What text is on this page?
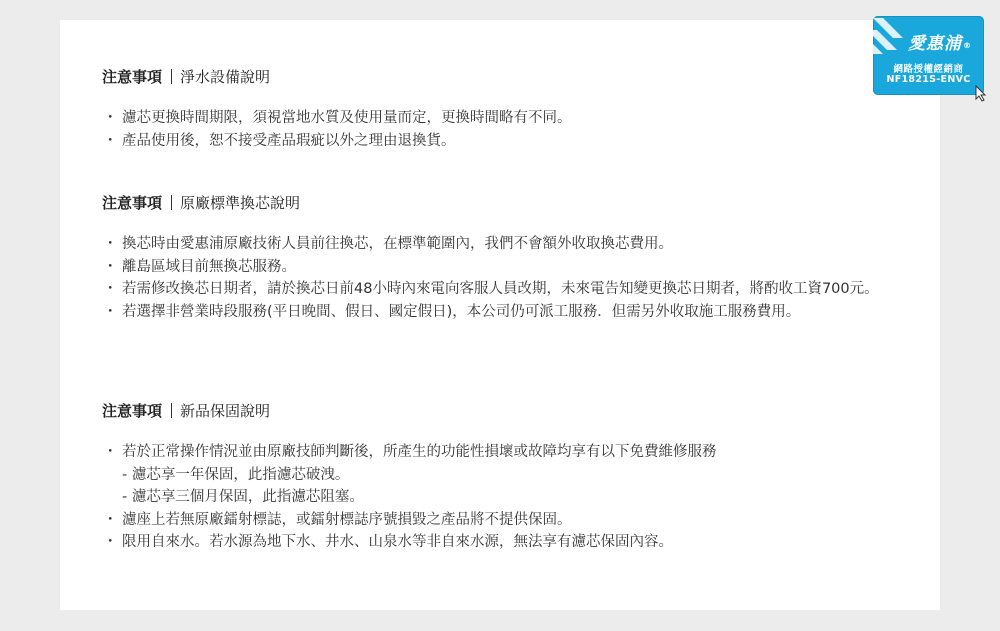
注意事項 淨水設備說明
・ 濾芯更換時間期限，須視當地水質及使用量而定，更換時間略有不同。
・ 產品使用後，恕不接受產品瑕疵以外之理由退換貨。
注意事項 原廠標準換芯說明
・ 換芯時由愛惠浦原廠技術人員前往換芯，在標準範圍內，我們不會額外收取換芯費用。
・ 離島區域目前無換芯服務。
・ 若需修改換芯日期者，請於換芯日前48小時內來電向客服人員改期，未來電告知變更換芯日期者，將酌收工資700元。
・ 若選擇非營業時段服務(平日晚間、假日、國定假日)，本公司仍可派工服務．但需另外收取施工服務費用。
注意事項 新品保固說明
・ 若於正常操作情況並由原廠技師判斷後，所產生的功能性損壞或故障均享有以下免費維修服務
- 濾芯享一年保固，此指濾芯破洩。
- 濾芯享三個月保固，此指濾芯阻塞。
・ 濾座上若無原廠鐳射標誌，或鐳射標誌序號損毀之產品將不提供保固。
・ 限用自來水。若水源為地下水、井水、山泉水等非自來水源，無法享有濾芯保固內容。
愛惠浦®
網路授權經銷商
NF1821S-ENVC
